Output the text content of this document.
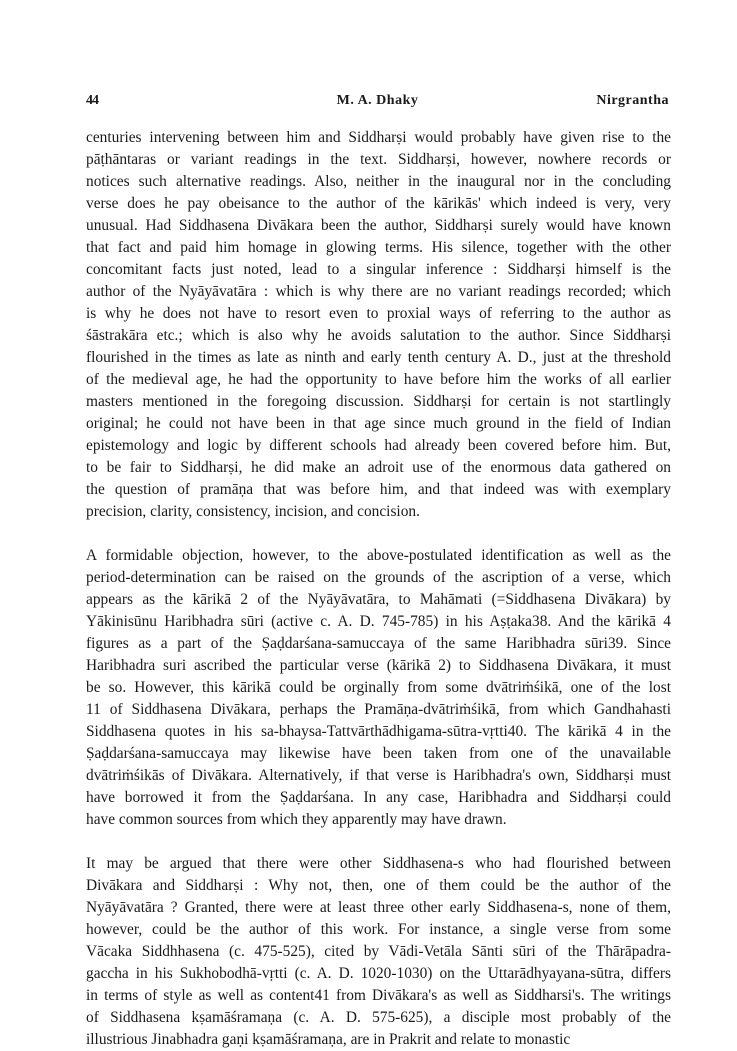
44	M. A. Dhaky	Nirgrantha
centuries intervening between him and Siddharṣi would probably have given rise to the
pāṭhāntaras or variant readings in the text. Siddharṣi, however, nowhere records or
notices such alternative readings. Also, neither in the inaugural nor in the concluding
verse does he pay obeisance to the author of the kārikās' which indeed is very, very
unusual. Had Siddhasena Divākara been the author, Siddharṣi surely would have known
that fact and paid him homage in glowing terms. His silence, together with the other
concomitant facts just noted, lead to a singular inference : Siddharṣi himself is the
author of the Nyāyāvatāra : which is why there are no variant readings recorded; which
is why he does not have to resort even to proxial ways of referring to the author as
śāstrakāra etc.; which is also why he avoids salutation to the author. Since Siddharṣi
flourished in the times as late as ninth and early tenth century A. D., just at the threshold
of the medieval age, he had the opportunity to have before him the works of all earlier
masters mentioned in the foregoing discussion. Siddharṣi for certain is not startlingly
original; he could not have been in that age since much ground in the field of Indian
epistemology and logic by different schools had already been covered before him. But,
to be fair to Siddharṣi, he did make an adroit use of the enormous data gathered on
the question of pramāṇa that was before him, and that indeed was with exemplary
precision, clarity, consistency, incision, and concision.
A formidable objection, however, to the above-postulated identification as well as the
period-determination can be raised on the grounds of the ascription of a verse, which
appears as the kārikā 2 of the Nyāyāvatāra, to Mahāmati (=Siddhasena Divākara) by
Yākinisūnu Haribhadra sūri (active c. A. D. 745-785) in his Aṣṭaka38. And the kārikā 4
figures as a part of the Ṣaḍdarśana-samuccaya of the same Haribhadra sūri39. Since
Haribhadra suri ascribed the particular verse (kārikā 2) to Siddhasena Divākara, it must
be so. However, this kārikā could be orginally from some dvātriṁśikā, one of the lost
11 of Siddhasena Divākara, perhaps the Pramāṇa-dvātriṁśikā, from which Gandhahasti
Siddhasena quotes in his sa-bhaysa-Tattvārthādhigama-sūtra-vṛtti40. The kārikā 4 in the
Ṣaḍdarśana-samuccaya may likewise have been taken from one of the unavailable
dvātriṁśikās of Divākara. Alternatively, if that verse is Haribhadra's own, Siddharṣi must
have borrowed it from the Ṣaḍdarśana. In any case, Haribhadra and Siddharṣi could
have common sources from which they apparently may have drawn.
It may be argued that there were other Siddhasena-s who had flourished between
Divākara and Siddharṣi : Why not, then, one of them could be the author of the
Nyāyāvatāra ? Granted, there were at least three other early Siddhasena-s, none of them,
however, could be the author of this work. For instance, a single verse from some
Vācaka Siddhhasena (c. 475-525), cited by Vādi-Vetāla Sānti sūri of the Thārāpadra-
gaccha in his Sukhobodhā-vṛtti (c. A. D. 1020-1030) on the Uttarādhyayana-sūtra, differs
in terms of style as well as content41 from Divākara's as well as Siddharsi's. The writings
of Siddhasena kṣamāśramaṇa (c. A. D. 575-625), a disciple most probably of the
illustrious Jinabhadra gaṇi kṣamāśramaṇa, are in Prakrit and relate to monastic
